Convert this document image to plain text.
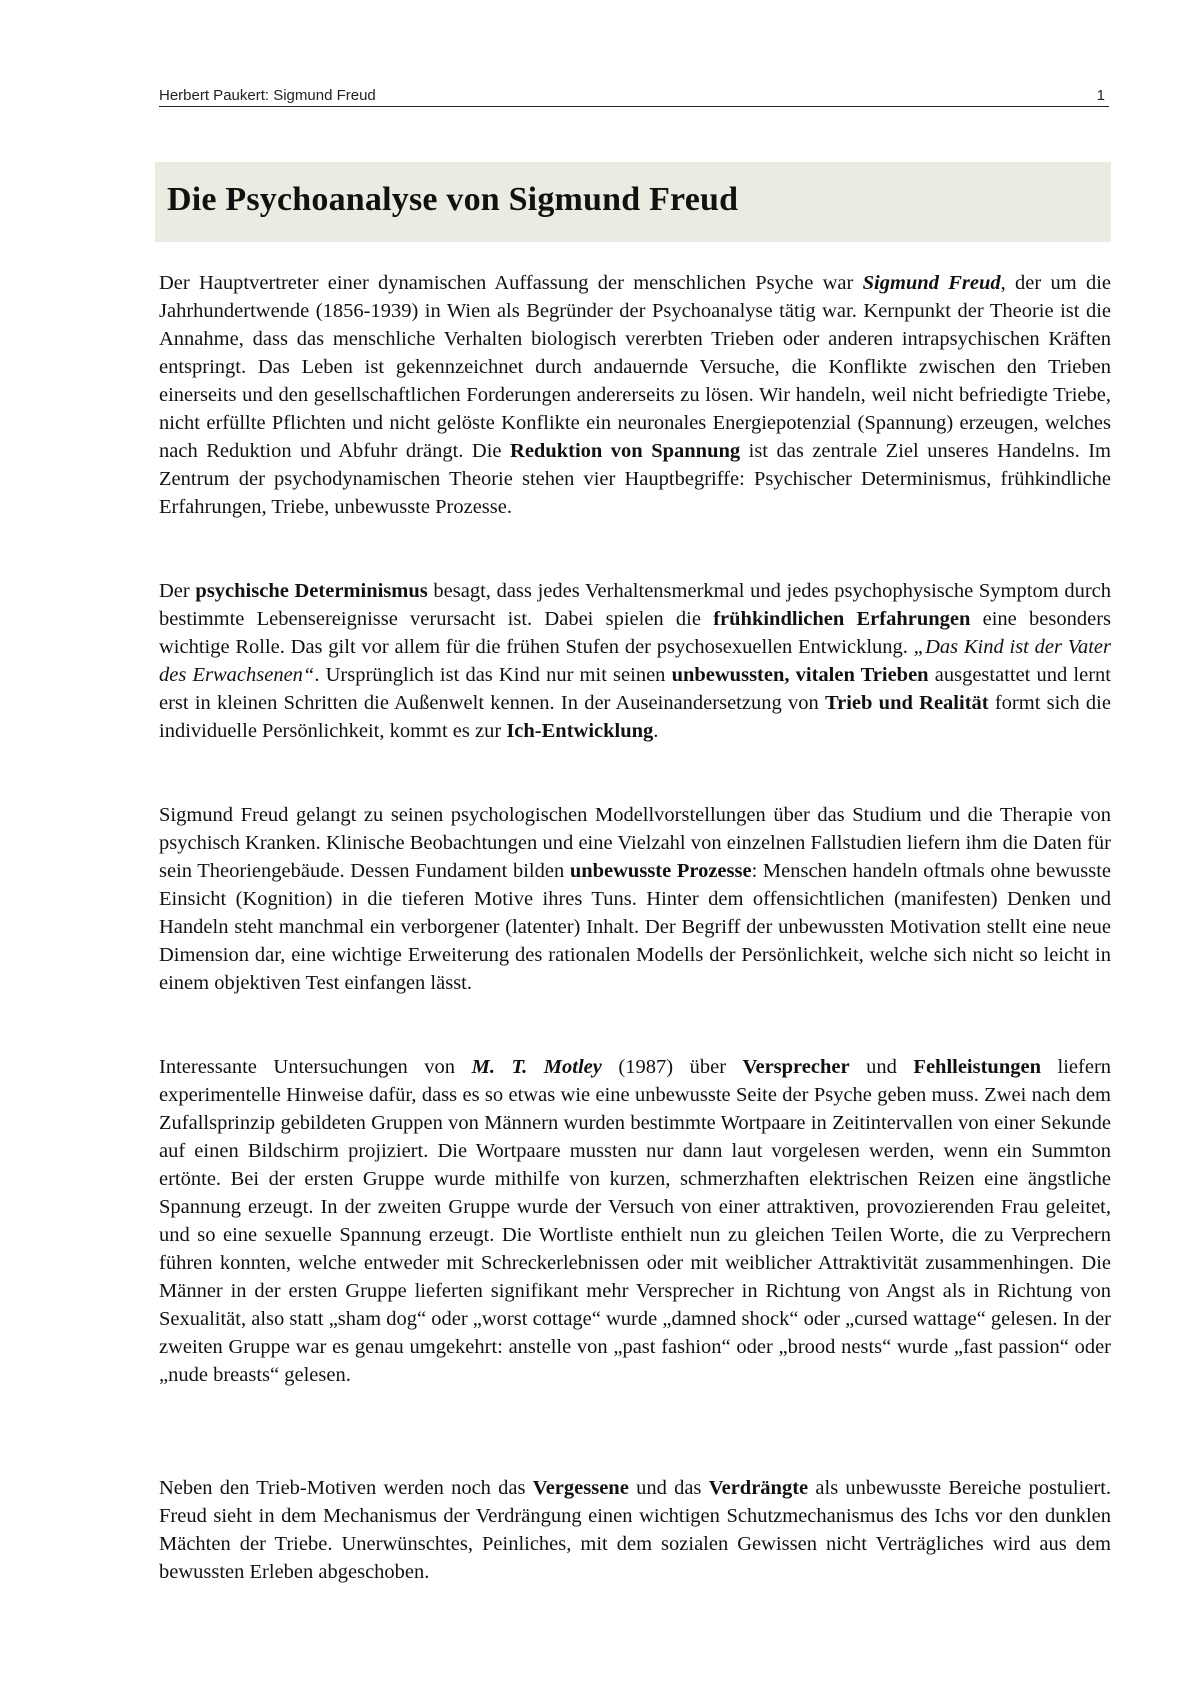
Herbert Paukert: Sigmund Freud	1
Die Psychoanalyse von Sigmund Freud

Der Hauptvertreter einer dynamischen Auffassung der menschlichen Psyche war Sigmund Freud, der um die Jahrhundertwende (1856-1939) in Wien als Begründer der Psychoanalyse tätig war. Kernpunkt der Theorie ist die Annahme, dass das menschliche Verhalten biologisch vererbten Trieben oder anderen intrapsychischen Kräften entspringt. Das Leben ist gekennzeichnet durch andauernde Versuche, die Konflikte zwischen den Trieben einerseits und den gesellschaftlichen Forderungen andererseits zu lösen. Wir handeln, weil nicht befriedigte Triebe, nicht erfüllte Pflichten und nicht gelöste Konflikte ein neuronales Energiepotenzial (Spannung) erzeugen, welches nach Reduktion und Abfuhr drängt. Die Reduktion von Spannung ist das zentrale Ziel unseres Handelns. Im Zentrum der psychodynamischen Theorie stehen vier Hauptbegriffe: Psychischer Determinismus, frühkindliche Erfahrungen, Triebe, unbewusste Prozesse.

Der psychische Determinismus besagt, dass jedes Verhaltensmerkmal und jedes psychophysische Symptom durch bestimmte Lebensereignisse verursacht ist. Dabei spielen die frühkindlichen Erfahrungen eine besonders wichtige Rolle. Das gilt vor allem für die frühen Stufen der psychosexuellen Entwicklung. „Das Kind ist der Vater des Erwachsenen“. Ursprünglich ist das Kind nur mit seinen unbewussten, vitalen Trieben ausgestattet und lernt erst in kleinen Schritten die Außenwelt kennen. In der Auseinandersetzung von Trieb und Realität formt sich die individuelle Persönlichkeit, kommt es zur Ich-Entwicklung.

Sigmund Freud gelangt zu seinen psychologischen Modellvorstellungen über das Studium und die Therapie von psychisch Kranken. Klinische Beobachtungen und eine Vielzahl von einzelnen Fallstudien liefern ihm die Daten für sein Theoriengebäude. Dessen Fundament bilden unbewusste Prozesse: Menschen handeln oftmals ohne bewusste Einsicht (Kognition) in die tieferen Motive ihres Tuns. Hinter dem offensichtlichen (manifesten) Denken und Handeln steht manchmal ein verborgener (latenter) Inhalt. Der Begriff der unbewussten Motivation stellt eine neue Dimension dar, eine wichtige Erweiterung des rationalen Modells der Persönlichkeit, welche sich nicht so leicht in einem objektiven Test einfangen lässt.

Interessante Untersuchungen von M. T. Motley (1987) über Versprecher und Fehlleistungen liefern experimentelle Hinweise dafür, dass es so etwas wie eine unbewusste Seite der Psyche geben muss. Zwei nach dem Zufallsprinzip gebildeten Gruppen von Männern wurden bestimmte Wortpaare in Zeitintervallen von einer Sekunde auf einen Bildschirm projiziert. Die Wortpaare mussten nur dann laut vorgelesen werden, wenn ein Summton ertönte. Bei der ersten Gruppe wurde mithilfe von kurzen, schmerzhaften elektrischen Reizen eine ängstliche Spannung erzeugt. In der zweiten Gruppe wurde der Versuch von einer attraktiven, provozierenden Frau geleitet, und so eine sexuelle Spannung erzeugt. Die Wortliste enthielt nun zu gleichen Teilen Worte, die zu Verprechern führen konnten, welche entweder mit Schreckerlebnissen oder mit weiblicher Attraktivität zusammenhingen. Die Männer in der ersten Gruppe lieferten signifikant mehr Versprecher in Richtung von Angst als in Richtung von Sexualität, also statt „sham dog“ oder „worst cottage“ wurde „damned shock“ oder „cursed wattage“ gelesen. In der zweiten Gruppe war es genau umgekehrt: anstelle von „past fashion“ oder „brood nests“ wurde „fast passion“ oder „nude breasts“ gelesen.

Neben den Trieb-Motiven werden noch das Vergessene und das Verdrängte als unbewusste Bereiche postuliert. Freud sieht in dem Mechanismus der Verdrängung einen wichtigen Schutzmechanismus des Ichs vor den dunklen Mächten der Triebe. Unerwünschtes, Peinliches, mit dem sozialen Gewissen nicht Verträgliches wird aus dem bewussten Erleben abgeschoben.
